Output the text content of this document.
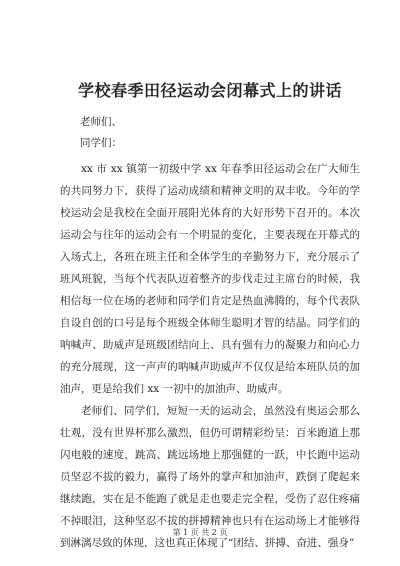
学校春季田径运动会闭幕式上的讲话
老师们、
同学们：

xx 市 xx 镇第一初级中学 xx 年春季田径运动会在广大师生的共同努力下，获得了运动成绩和精神文明的双丰收。今年的学校运动会是我校在全面开展阳光体育的大好形势下召开的。本次运动会与往年的运动会有一个明显的变化，主要表现在开幕式的入场式上，各班在班主任和全体学生的辛勤努力下，充分展示了班风班貌，当每个代表队迈着整齐的步伐走过主席台的时候，我相信每一位在场的老师和同学们肯定是热血沸腾的，每个代表队自设自创的口号是每个班级全体师生聪明才智的结晶。同学们的呐喊声、助威声是班级团结向上、具有强有力的凝聚力和向心力的充分展现，这一声声的呐喊声助威声不仅仅是给本班队员的加油声，更是给我们 xx 一初中的加油声、助威声。

老师们、同学们，短短一天的运动会，虽然没有奥运会那么壮观，没有世界杯那么激烈，但仍可谓精彩纷呈：百米跑道上那闪电般的速度，跳高、跳远场地上那强健的一跃，中长跑中运动员坚忍不拔的毅力，赢得了场外的掌声和加油声，跌倒了爬起来继续跑，实在是不能跑了就是走也要走完全程，受伤了忍住疼痛不掉眼泪，这种坚忍不拔的拼搏精神也只有在运动场上才能够得到淋漓尽致的体现，这也真正体现了“团结、拼搏、奋进、强身”

第 1 页 共 2 页
